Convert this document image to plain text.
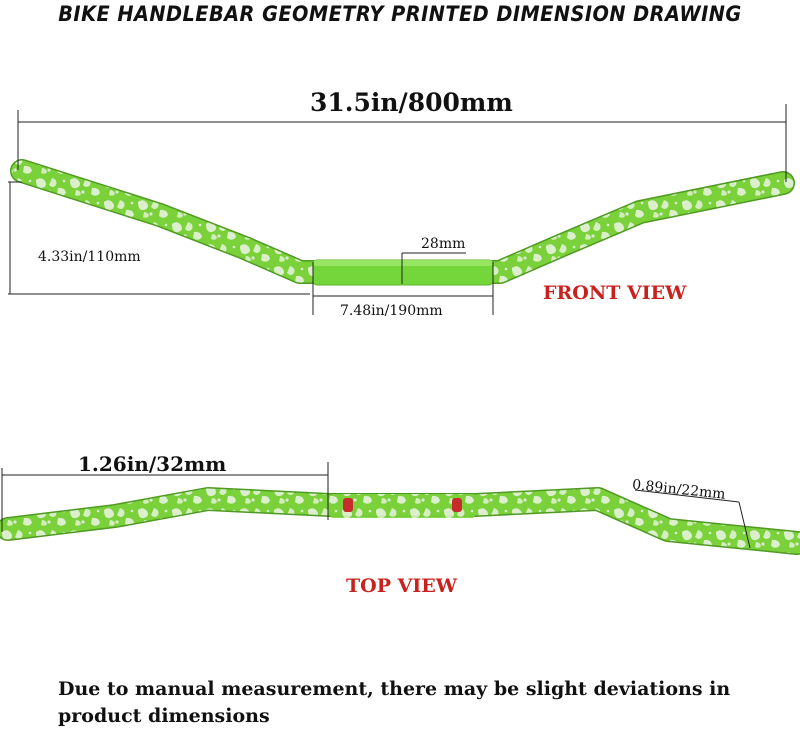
BIKE HANDLEBAR GEOMETRY PRINTED DIMENSION DRAWING
31.5in/800mm
4.33in/110mm
28mm
7.48in/190mm
FRONT VIEW
1.26in/32mm
0.89in/22mm
TOP VIEW
Due to manual measurement, there may be slight deviations in product dimensions
